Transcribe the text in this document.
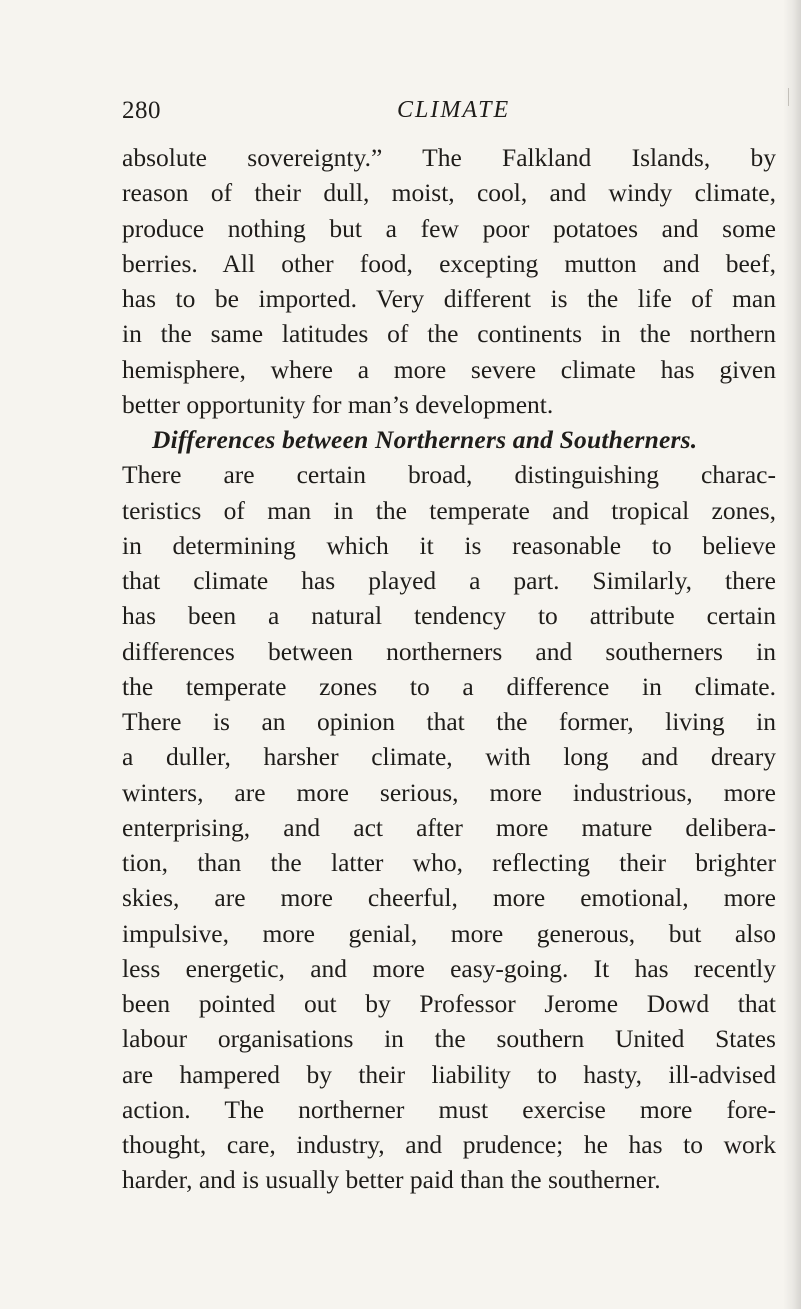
280	CLIMATE
absolute sovereignty.” The Falkland Islands, by
reason of their dull, moist, cool, and windy climate,
produce nothing but a few poor potatoes and some
berries. All other food, excepting mutton and beef,
has to be imported. Very different is the life of man
in the same latitudes of the continents in the northern
hemisphere, where a more severe climate has given
better opportunity for man’s development.
Differences between Northerners and Southerners.
There are certain broad, distinguishing charac-
teristics of man in the temperate and tropical zones,
in determining which it is reasonable to believe
that climate has played a part. Similarly, there
has been a natural tendency to attribute certain
differences between northerners and southerners in
the temperate zones to a difference in climate.
There is an opinion that the former, living in
a duller, harsher climate, with long and dreary
winters, are more serious, more industrious, more
enterprising, and act after more mature delibera-
tion, than the latter who, reflecting their brighter
skies, are more cheerful, more emotional, more
impulsive, more genial, more generous, but also
less energetic, and more easy-going. It has recently
been pointed out by Professor Jerome Dowd that
labour organisations in the southern United States
are hampered by their liability to hasty, ill-advised
action. The northerner must exercise more fore-
thought, care, industry, and prudence; he has to work
harder, and is usually better paid than the southerner.
